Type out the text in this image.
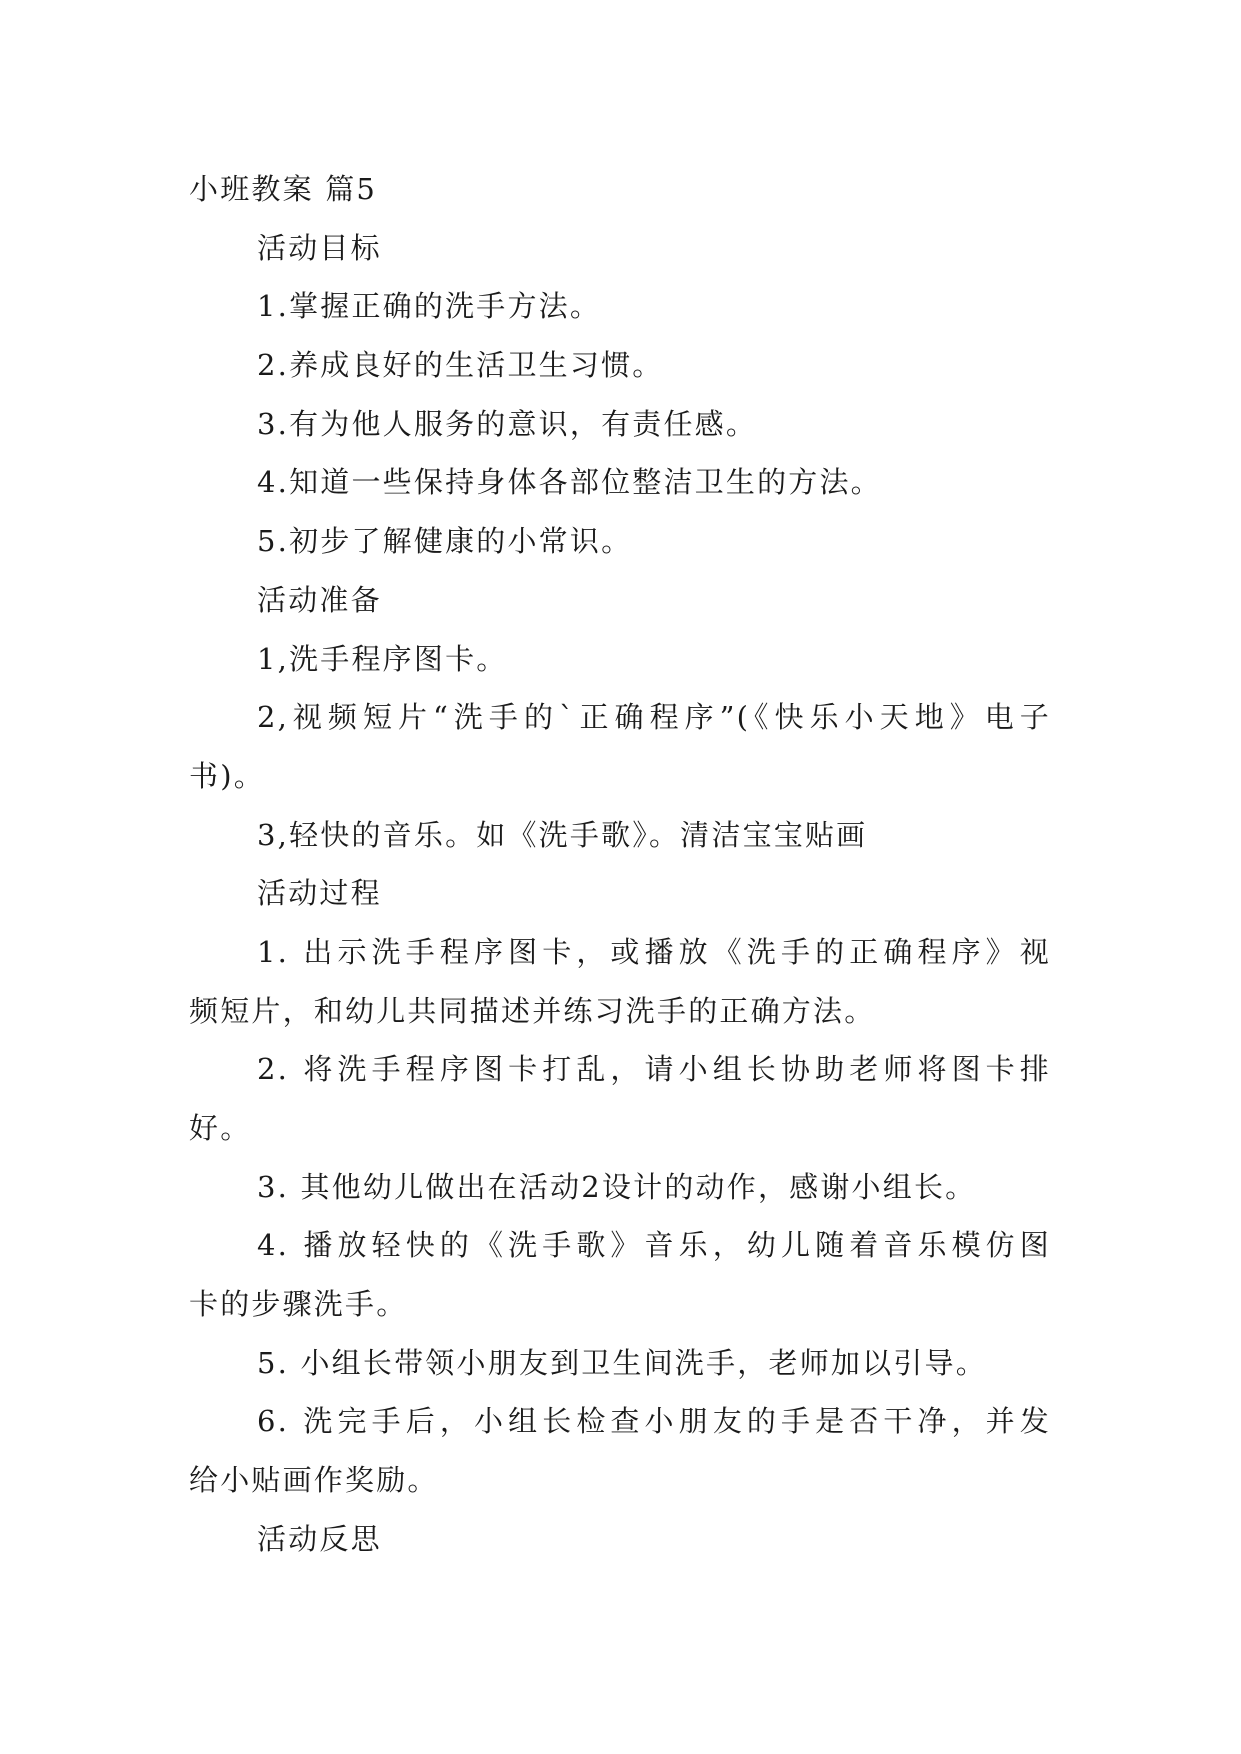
小班教案 篇5
活动目标
1.掌握正确的洗手方法。
2.养成良好的生活卫生习惯。
3.有为他人服务的意识，有责任感。
4.知道一些保持身体各部位整洁卫生的方法。
5.初步了解健康的小常识。
活动准备
1,洗手程序图卡。
2,视频短片“洗手的`正确程序”(《快乐小天地》电子
书)。
3,轻快的音乐。如《洗手歌》。清洁宝宝贴画
活动过程
1. 出示洗手程序图卡，或播放《洗手的正确程序》视
频短片，和幼儿共同描述并练习洗手的正确方法。
2. 将洗手程序图卡打乱，请小组长协助老师将图卡排
好。
3. 其他幼儿做出在活动2设计的动作，感谢小组长。
4. 播放轻快的《洗手歌》音乐，幼儿随着音乐模仿图
卡的步骤洗手。
5. 小组长带领小朋友到卫生间洗手，老师加以引导。
6. 洗完手后，小组长检查小朋友的手是否干净，并发
给小贴画作奖励。
活动反思
